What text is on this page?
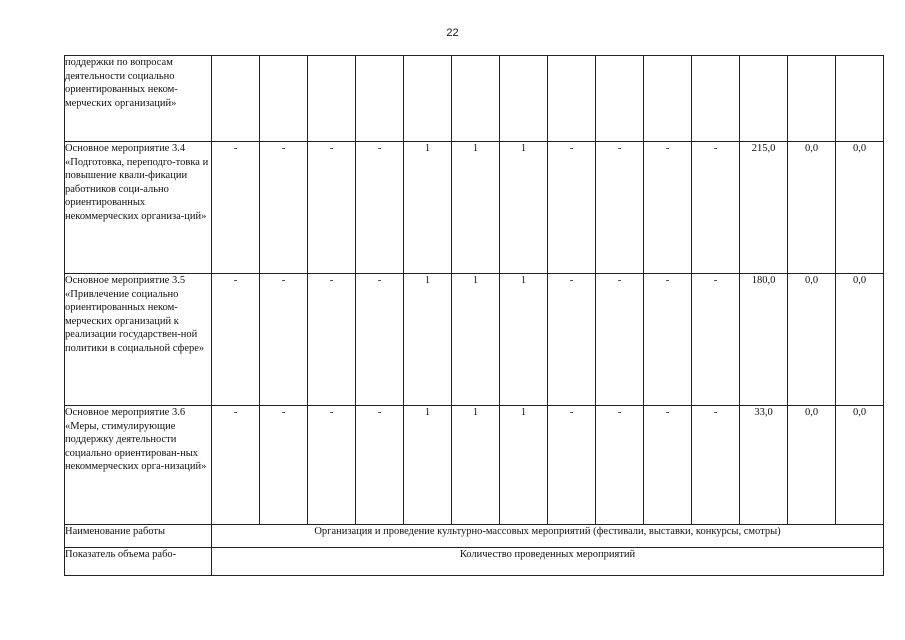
22
поддержки по вопросам деятельности социально ориентированных неком-мерческих организаций»														
Основное мероприятие 3.4 «Подготовка, переподго-товка и повышение квали-фикации работников соци-ально ориентированных некоммерческих организа-ций»	-	-	-	-	1	1	1	-	-	-	-	215,0	0,0	0,0
Основное мероприятие 3.5 «Привлечение социально ориентированных неком-мерческих организаций к реализации государствен-ной политики в социальной сфере»	-	-	-	-	1	1	1	-	-	-	-	180,0	0,0	0,0
Основное мероприятие 3.6 «Меры, стимулирующие поддержку деятельности социально ориентирован-ных некоммерческих орга-низаций»	-	-	-	-	1	1	1	-	-	-	-	33,0	0,0	0,0
Наименование работы	Организация и проведение культурно-массовых мероприятий (фестивали, выставки, конкурсы, смотры)													
Показатель объема рабо-	Количество проведенных мероприятий													
